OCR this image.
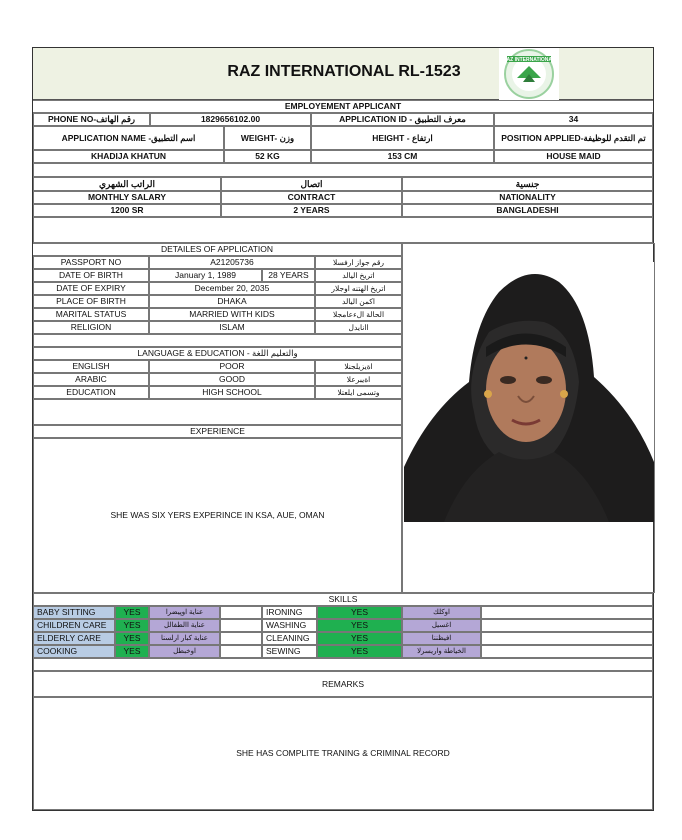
RAZ INTERNATIONAL RL-1523
RAZ INTERNATIONAL
EMPLOYEMENT APPLICANT
PHONE NO-رقم الهاتف	1829656102.00	APPLICATION ID - معرف التطبيق	34
APPLICATION NAME -اسم التطبيق	WEIGHT- وزن	HEIGHT - ارتفاع	POSITION APPLIED-تم التقدم للوظيفة
KHADIJA KHATUN	52 KG	153 CM	HOUSE MAID
الراتب الشهري	اتصال	جنسية
MONTHLY SALARY	CONTRACT	NATIONALITY
1200 SR	2 YEARS	BANGLADESHI
DETAILES OF APPLICATION
PASSPORT NO	A21205736	رقم جواز ارفسلا
DATE OF BIRTH	January 1, 1989	28 YEARS	اتريخ اليالد
DATE OF EXPIRY	December 20, 2035	اتريخ الهتنه اوجلار
PLACE OF BIRTH	DHAKA	اكمن اليالد
MARITAL STATUS	MARRIED WITH KIDS	الحالة الءعامجلا
RELIGION	ISLAM	اانايدل
LANGUAGE & EDUCATION - والتعليم اللغة
ENGLISH	POOR	اةيزيلجنلا
ARABIC	GOOD	اةيبرعلا
EDUCATION	HIGH SCHOOL	وتسمى ايلعتلا
EXPERIENCE
SHE WAS SIX YERS EXPERINCE IN KSA, AUE, OMAN
SKILLS
BABY SITTING	YES	عناية اوپيضرا	IRONING	YES	اوكلك
CHILDREN CARE	YES	عناية االطفالل	WASHING	YES	اغسيل
ELDERLY CARE	YES	عناية كبار ارلسنا	CLEANING	YES	افيظننا
COOKING	YES	اوخبطل	SEWING	YES	الخياطة واريسرلا
REMARKS
SHE HAS COMPLITE TRANING & CRIMINAL RECORD
